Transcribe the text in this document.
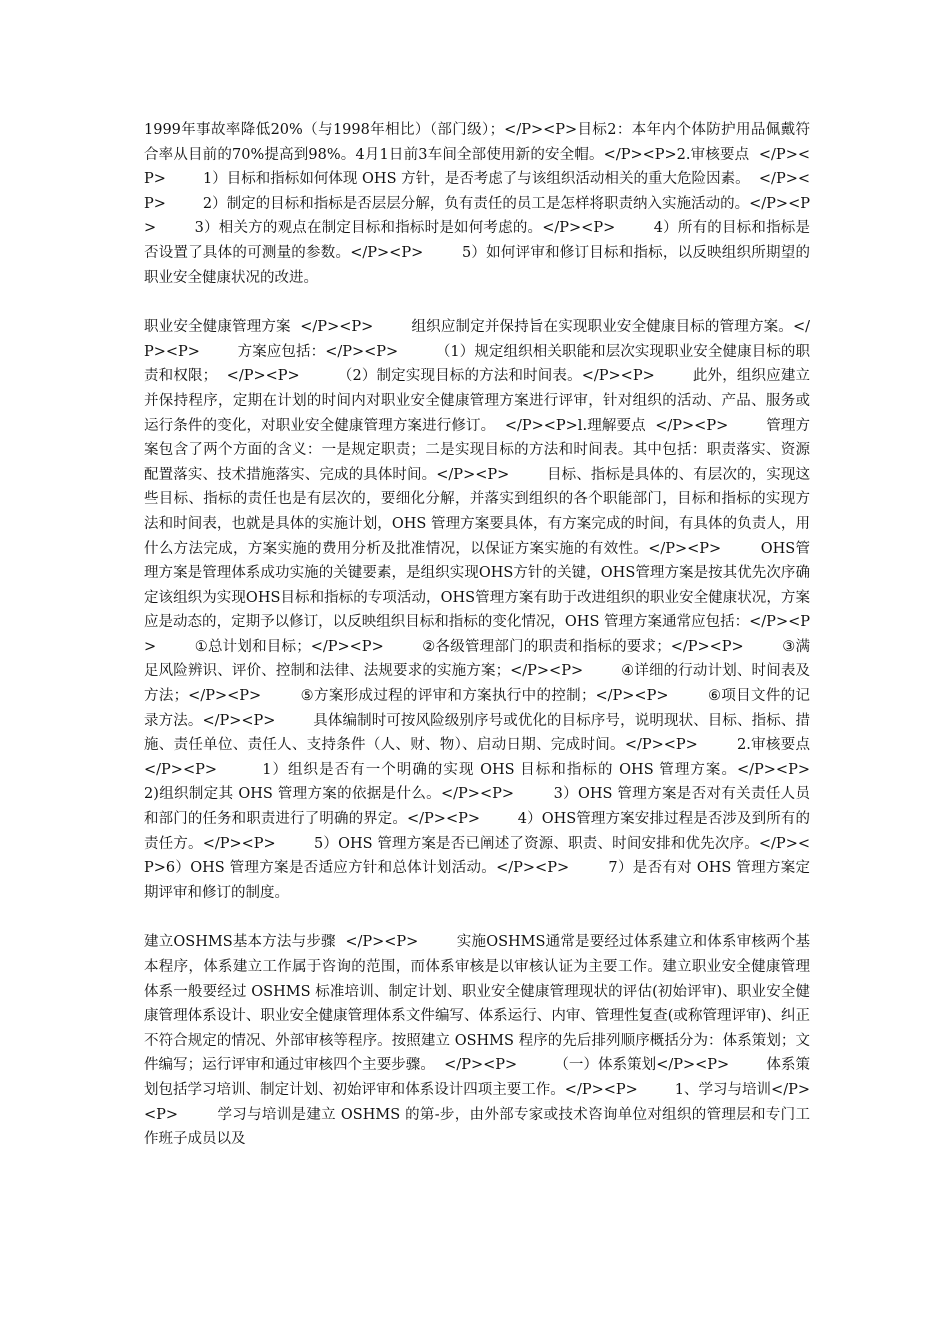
1999年事故率降低20%（与1998年相比）（部门级）；</P><P>目标2：本年内个体防护用品佩戴符合率从目前的70%提高到98%。4月1日前3车间全部使用新的安全帽。</P><P>2.审核要点  </P><P>        1）目标和指标如何体现 OHS 方针，是否考虑了与该组织活动相关的重大危险因素。  </P><P>        2）制定的目标和指标是否层层分解，负有责任的员工是怎样将职责纳入实施活动的。</P><P>        3）相关方的观点在制定目标和指标时是如何考虑的。</P><P>        4）所有的目标和指标是否设置了具体的可测量的参数。</P><P>        5）如何评审和修订目标和指标，以反映组织所期望的职业安全健康状况的改进。

职业安全健康管理方案  </P><P>        组织应制定并保持旨在实现职业安全健康目标的管理方案。</P><P>        方案应包括：</P><P>        （1）规定组织相关职能和层次实现职业安全健康目标的职责和权限；  </P><P>        （2）制定实现目标的方法和时间表。</P><P>        此外，组织应建立并保持程序，定期在计划的时间内对职业安全健康管理方案进行评审，针对组织的活动、产品、服务或运行条件的变化，对职业安全健康管理方案进行修订。  </P><P>l.理解要点  </P><P>        管理方案包含了两个方面的含义：一是规定职责；二是实现目标的方法和时间表。其中包括：职责落实、资源配置落实、技术措施落实、完成的具体时间。</P><P>        目标、指标是具体的、有层次的，实现这些目标、指标的责任也是有层次的，要细化分解，并落实到组织的各个职能部门，目标和指标的实现方法和时间表，也就是具体的实施计划，OHS 管理方案要具体，有方案完成的时间，有具体的负责人，用什么方法完成，方案实施的费用分析及批准情况，以保证方案实施的有效性。</P><P>        OHS管理方案是管理体系成功实施的关键要素，是组织实现OHS方针的关键，OHS管理方案是按其优先次序确定该组织为实现OHS目标和指标的专项活动，OHS管理方案有助于改进组织的职业安全健康状况，方案应是动态的，定期予以修订，以反映组织目标和指标的变化情况，OHS 管理方案通常应包括：</P><P>        ①总计划和目标；</P><P>        ②各级管理部门的职责和指标的要求；</P><P>        ③满足风险辨识、评价、控制和法律、法规要求的实施方案；</P><P>        ④详细的行动计划、时间表及方法；</P><P>        ⑤方案形成过程的评审和方案执行中的控制；</P><P>        ⑥项目文件的记录方法。</P><P>        具体编制时可按风险级别序号或优化的目标序号，说明现状、目标、指标、措施、责任单位、责任人、支持条件（人、财、物）、启动日期、完成时间。</P><P>        2.审核要点  </P><P>        1）组织是否有一个明确的实现 OHS 目标和指标的 OHS 管理方案。</P><P>        2)组织制定其 OHS 管理方案的依据是什么。</P><P>        3）OHS 管理方案是否对有关责任人员和部门的任务和职责进行了明确的界定。</P><P>        4）OHS管理方案安排过程是否涉及到所有的责任方。</P><P>        5）OHS 管理方案是否已阐述了资源、职责、时间安排和优先次序。</P><P>6）OHS 管理方案是否适应方针和总体计划活动。</P><P>        7）是否有对 OHS 管理方案定期评审和修订的制度。

建立OSHMS基本方法与步骤  </P><P>        实施OSHMS通常是要经过体系建立和体系审核两个基本程序，体系建立工作属于咨询的范围，而体系审核是以审核认证为主要工作。建立职业安全健康管理体系一般要经过 OSHMS 标准培训、制定计划、职业安全健康管理现状的评估(初始评审)、职业安全健康管理体系设计、职业安全健康管理体系文件编写、体系运行、内审、管理性复查(或称管理评审)、纠正不符合规定的情况、外部审核等程序。按照建立 OSHMS 程序的先后排列顺序概括分为：体系策划；文件编写；运行评审和通过审核四个主要步骤。  </P><P>        （一）体系策划</P><P>        体系策划包括学习培训、制定计划、初始评审和体系设计四项主要工作。</P><P>        1、学习与培训</P><P>        学习与培训是建立 OSHMS 的第-步，由外部专家或技术咨询单位对组织的管理层和专门工作班子成员以及
